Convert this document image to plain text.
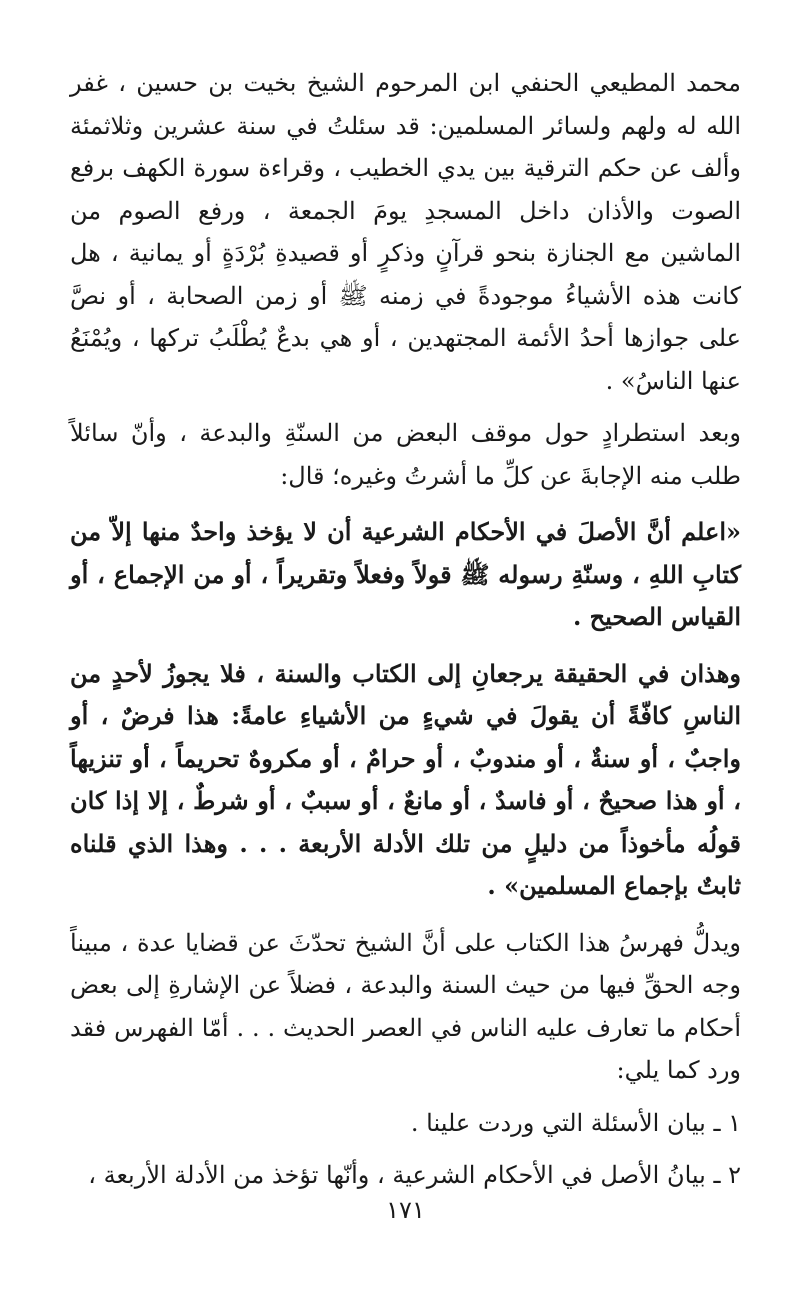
محمد المطيعي الحنفي ابن المرحوم الشيخ بخيت بن حسين ، غفر الله له ولهم ولسائر المسلمين: قد سئلتُ في سنة عشرين وثلاثمئة وألف عن حكم الترقية بين يدي الخطيب ، وقراءة سورة الكهف برفع الصوت والأذان داخل المسجدِ يومَ الجمعة ، ورفع الصوم من الماشين مع الجنازة بنحو قرآنٍ وذكرٍ أو قصيدةِ بُرْدَةٍ أو يمانية ، هل كانت هذه الأشياءُ موجودةً في زمنه ﷺ أو زمن الصحابة ، أو نصَّ على جوازها أحدُ الأئمة المجتهدين ، أو هي بدعٌ يُطْلَبُ تركها ، ويُمْنَعُ عنها الناسُ» .

وبعد استطرادٍ حول موقف البعض من السنّةِ والبدعة ، وأنّ سائلاً طلب منه الإجابةَ عن كلِّ ما أشرتُ وغيره؛ قال:

«اعلم أنَّ الأصلَ في الأحكام الشرعية أن لا يؤخذ واحدٌ منها إلاّ من كتابِ اللهِ ، وسنّةِ رسوله ﷺ قولاً وفعلاً وتقريراً ، أو من الإجماع ، أو القياس الصحيح .

وهذان في الحقيقة يرجعانِ إلى الكتاب والسنة ، فلا يجوزُ لأحدٍ من الناسِ كافّةً أن يقولَ في شيءٍ من الأشياءِ عامةً: هذا فرضٌ ، أو واجبٌ ، أو سنةٌ ، أو مندوبٌ ، أو حرامٌ ، أو مكروهٌ تحريماً ، أو تنزيهاً ، أو هذا صحيحٌ ، أو فاسدٌ ، أو مانعٌ ، أو سببٌ ، أو شرطٌ ، إلا إذا كان قولُه مأخوذاً من دليلٍ من تلك الأدلة الأربعة . . . وهذا الذي قلناه ثابتٌ بإجماع المسلمين» .

ويدلُّ فهرسُ هذا الكتاب على أنَّ الشيخ تحدّثَ عن قضايا عدة ، مبيناً وجه الحقِّ فيها من حيث السنة والبدعة ، فضلاً عن الإشارةِ إلى بعض أحكام ما تعارف عليه الناس في العصر الحديث . . . أمّا الفهرس فقد ورد كما يلي:

١ ـ بيان الأسئلة التي وردت علينا .

٢ ـ بيانُ الأصل في الأحكام الشرعية ، وأنّها تؤخذ من الأدلة الأربعة ،

١٧١
